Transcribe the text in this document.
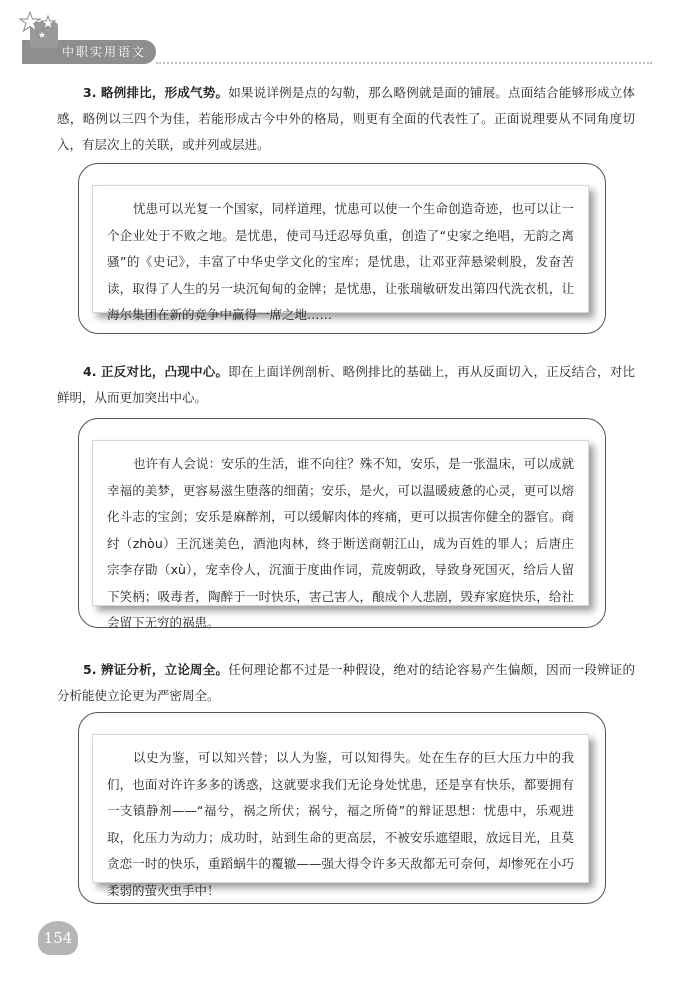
中职实用语文
3. 略例排比，形成气势。如果说详例是点的勾勒，那么略例就是面的铺展。点面结合能够形成立体感，略例以三四个为佳，若能形成古今中外的格局，则更有全面的代表性了。正面说理要从不同角度切入，有层次上的关联，或并列或层进。
忧患可以光复一个国家，同样道理，忧患可以使一个生命创造奇迹，也可以让一个企业处于不败之地。是忧患，使司马迁忍辱负重，创造了“史家之绝唱，无韵之离骚”的《史记》，丰富了中华史学文化的宝库；是忧患，让邓亚萍悬梁刺股，发奋苦读，取得了人生的另一块沉甸甸的金牌；是忧患，让张瑞敏研发出第四代洗衣机，让海尔集团在新的竞争中赢得一席之地……
4. 正反对比，凸现中心。即在上面详例剖析、略例排比的基础上，再从反面切入，正反结合，对比鲜明，从而更加突出中心。
也许有人会说：安乐的生活，谁不向往？殊不知，安乐，是一张温床，可以成就幸福的美梦，更容易滋生堕落的细菌；安乐，是火，可以温暖疲惫的心灵，更可以熔化斗志的宝剑；安乐是麻醉剂，可以缓解肉体的疼痛，更可以损害你健全的器官。商纣（zhòu）王沉迷美色，酒池肉林，终于断送商朝江山，成为百姓的罪人；后唐庄宗李存勖（xù），宠幸伶人，沉湎于度曲作词，荒废朝政，导致身死国灭，给后人留下笑柄；吸毒者，陶醉于一时快乐，害己害人，酿成个人悲剧，毁弃家庭快乐，给社会留下无穷的祸患。
5. 辨证分析，立论周全。任何理论都不过是一种假设，绝对的结论容易产生偏颇，因而一段辨证的分析能使立论更为严密周全。
以史为鉴，可以知兴替；以人为鉴，可以知得失。处在生存的巨大压力中的我们，也面对许许多多的诱惑，这就要求我们无论身处忧患，还是享有快乐，都要拥有一支镇静剂——“福兮，祸之所伏；祸兮，福之所倚”的辩证思想：忧患中，乐观进取，化压力为动力；成功时，站到生命的更高层，不被安乐遮望眼，放远目光，且莫贪恋一时的快乐，重蹈蜗牛的覆辙——强大得令许多天敌都无可奈何，却惨死在小巧柔弱的萤火虫手中！
154
